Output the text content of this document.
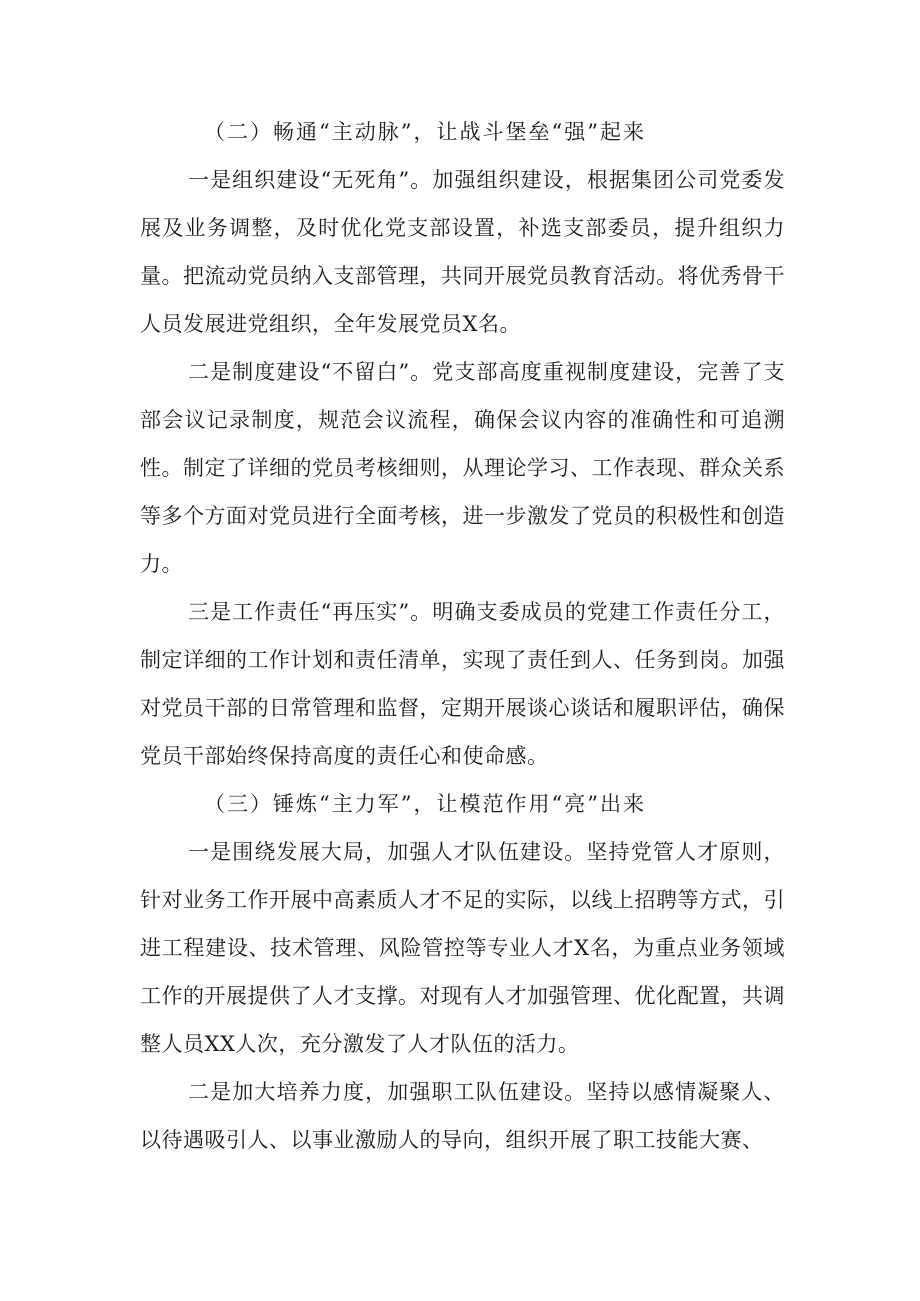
（二）畅通“主动脉”，让战斗堡垒“强”起来

一是组织建设“无死角”。加强组织建设，根据集团公司党委发展及业务调整，及时优化党支部设置，补选支部委员，提升组织力量。把流动党员纳入支部管理，共同开展党员教育活动。将优秀骨干人员发展进党组织，全年发展党员X名。

二是制度建设“不留白”。党支部高度重视制度建设，完善了支部会议记录制度，规范会议流程，确保会议内容的准确性和可追溯性。制定了详细的党员考核细则，从理论学习、工作表现、群众关系等多个方面对党员进行全面考核，进一步激发了党员的积极性和创造力。

三是工作责任“再压实”。明确支委成员的党建工作责任分工，制定详细的工作计划和责任清单，实现了责任到人、任务到岗。加强对党员干部的日常管理和监督，定期开展谈心谈话和履职评估，确保党员干部始终保持高度的责任心和使命感。

（三）锤炼“主力军”，让模范作用“亮”出来

一是围绕发展大局，加强人才队伍建设。坚持党管人才原则，针对业务工作开展中高素质人才不足的实际，以线上招聘等方式，引进工程建设、技术管理、风险管控等专业人才X名，为重点业务领域工作的开展提供了人才支撑。对现有人才加强管理、优化配置，共调整人员XX人次，充分激发了人才队伍的活力。

二是加大培养力度，加强职工队伍建设。坚持以感情凝聚人、以待遇吸引人、以事业激励人的导向，组织开展了职工技能大赛、
